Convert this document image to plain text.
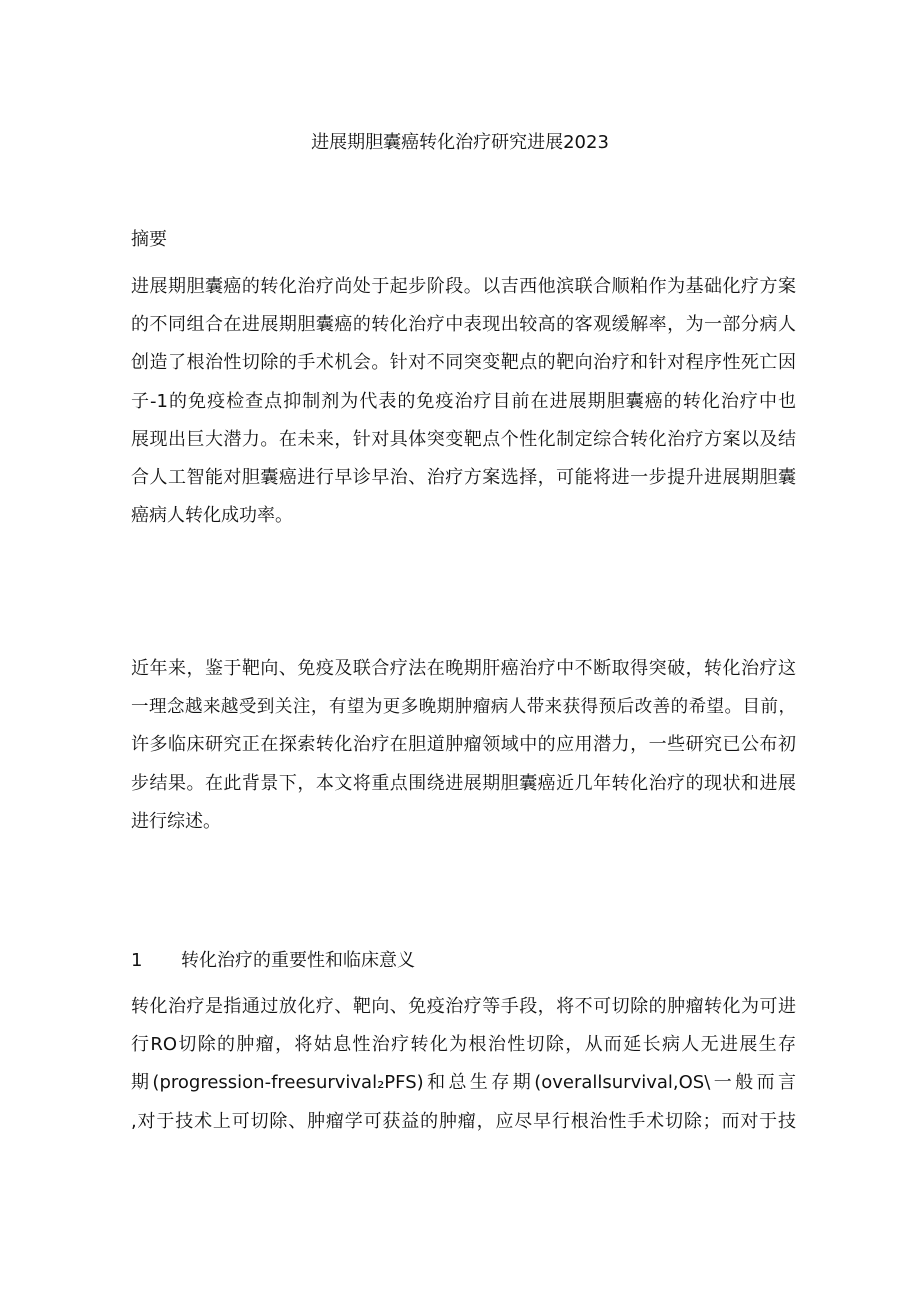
进展期胆囊癌转化治疗研究进展2023

摘要

进展期胆囊癌的转化治疗尚处于起步阶段。以吉西他滨联合顺粕作为基础化疗方案
的不同组合在进展期胆囊癌的转化治疗中表现出较高的客观缓解率，为一部分病人
创造了根治性切除的手术机会。针对不同突变靶点的靶向治疗和针对程序性死亡因
子-1的免疫检查点抑制剂为代表的免疫治疗目前在进展期胆囊癌的转化治疗中也
展现出巨大潜力。在未来，针对具体突变靶点个性化制定综合转化治疗方案以及结
合人工智能对胆囊癌进行早诊早治、治疗方案选择，可能将进一步提升进展期胆囊
癌病人转化成功率。

近年来，鉴于靶向、免疫及联合疗法在晚期肝癌治疗中不断取得突破，转化治疗这
一理念越来越受到关注，有望为更多晚期肿瘤病人带来获得预后改善的希望。目前，
许多临床研究正在探索转化治疗在胆道肿瘤领域中的应用潜力，一些研究已公布初
步结果。在此背景下，本文将重点围绕进展期胆囊癌近几年转化治疗的现状和进展
进行综述。

1	转化治疗的重要性和临床意义

转化治疗是指通过放化疗、靶向、免疫治疗等手段，将不可切除的肿瘤转化为可进
行RO切除的肿瘤，将姑息性治疗转化为根治性切除，从而延长病人无进展生存
期(progression-freesurvival₂PFS)和总生存期(overallsurvival,OS\一般而言
,对于技术上可切除、肿瘤学可获益的肿瘤，应尽早行根治性手术切除；而对于技
